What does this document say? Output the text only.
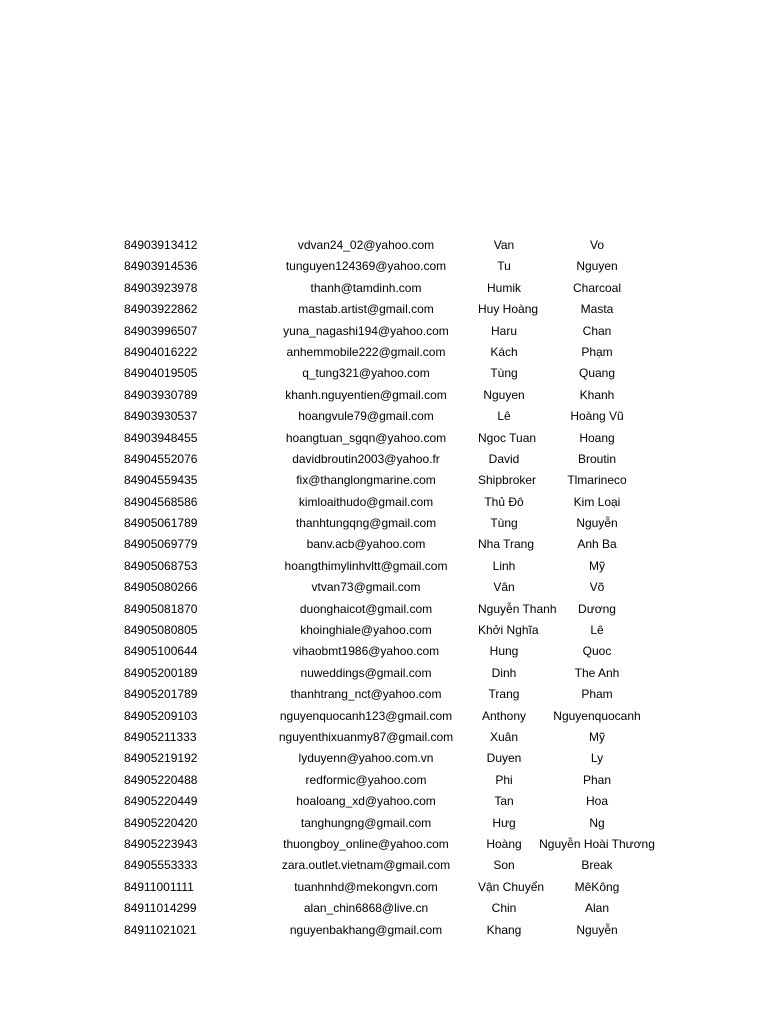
84903913412	vdvan24_02@yahoo.com	Van	Vo
84903914536	tunguyen124369@yahoo.com	Tu	Nguyen
84903923978	thanh@tamdinh.com	Humik	Charcoal
84903922862	mastab.artist@gmail.com	Huy Hoàng	Masta
84903996507	yuna_nagashi194@yahoo.com	Haru	Chan
84904016222	anhemmobile222@gmail.com	Kách	Phạm
84904019505	q_tung321@yahoo.com	Tùng	Quang
84903930789	khanh.nguyentien@gmail.com	Nguyen	Khanh
84903930537	hoangvule79@gmail.com	Lê	Hoàng Vũ
84903948455	hoangtuan_sgqn@yahoo.com	Ngoc Tuan	Hoang
84904552076	davidbroutin2003@yahoo.fr	David	Broutin
84904559435	fix@thanglongmarine.com	Shipbroker	Tlmarineco
84904568586	kimloaithudo@gmail.com	Thủ Đô	Kim Loại
84905061789	thanhtungqng@gmail.com	Tùng	Nguyễn
84905069779	banv.acb@yahoo.com	Nha Trang	Anh Ba
84905068753	hoangthimylinhvltt@gmail.com	Linh	Mỹ
84905080266	vtvan73@gmail.com	Vân	Võ
84905081870	duonghaicot@gmail.com	Nguyễn Thanh	Dương
84905080805	khoinghiale@yahoo.com	Khởi Nghĩa	Lê
84905100644	vihaobmt1986@yahoo.com	Hung	Quoc
84905200189	nuweddings@gmail.com	Dinh	The Anh
84905201789	thanhtrang_nct@yahoo.com	Trang	Pham
84905209103	nguyenquocanh123@gmail.com	Anthony	Nguyenquocanh
84905211333	nguyenthixuanmy87@gmail.com	Xuân	Mỹ
84905219192	lyduyenn@yahoo.com.vn	Duyen	Ly
84905220488	redformic@yahoo.com	Phi	Phan
84905220449	hoaloang_xd@yahoo.com	Tan	Hoa
84905220420	tanghungng@gmail.com	Hưg	Ng
84905223943	thuongboy_online@yahoo.com	Hoàng	Nguyễn Hoài Thương
84905553333	zara.outlet.vietnam@gmail.com	Son	Break
84911001111	tuanhnhd@mekongvn.com	Vận Chuyển	MêKông
84911014299	alan_chin6868@live.cn	Chin	Alan
84911021021	nguyenbakhang@gmail.com	Khang	Nguyễn
